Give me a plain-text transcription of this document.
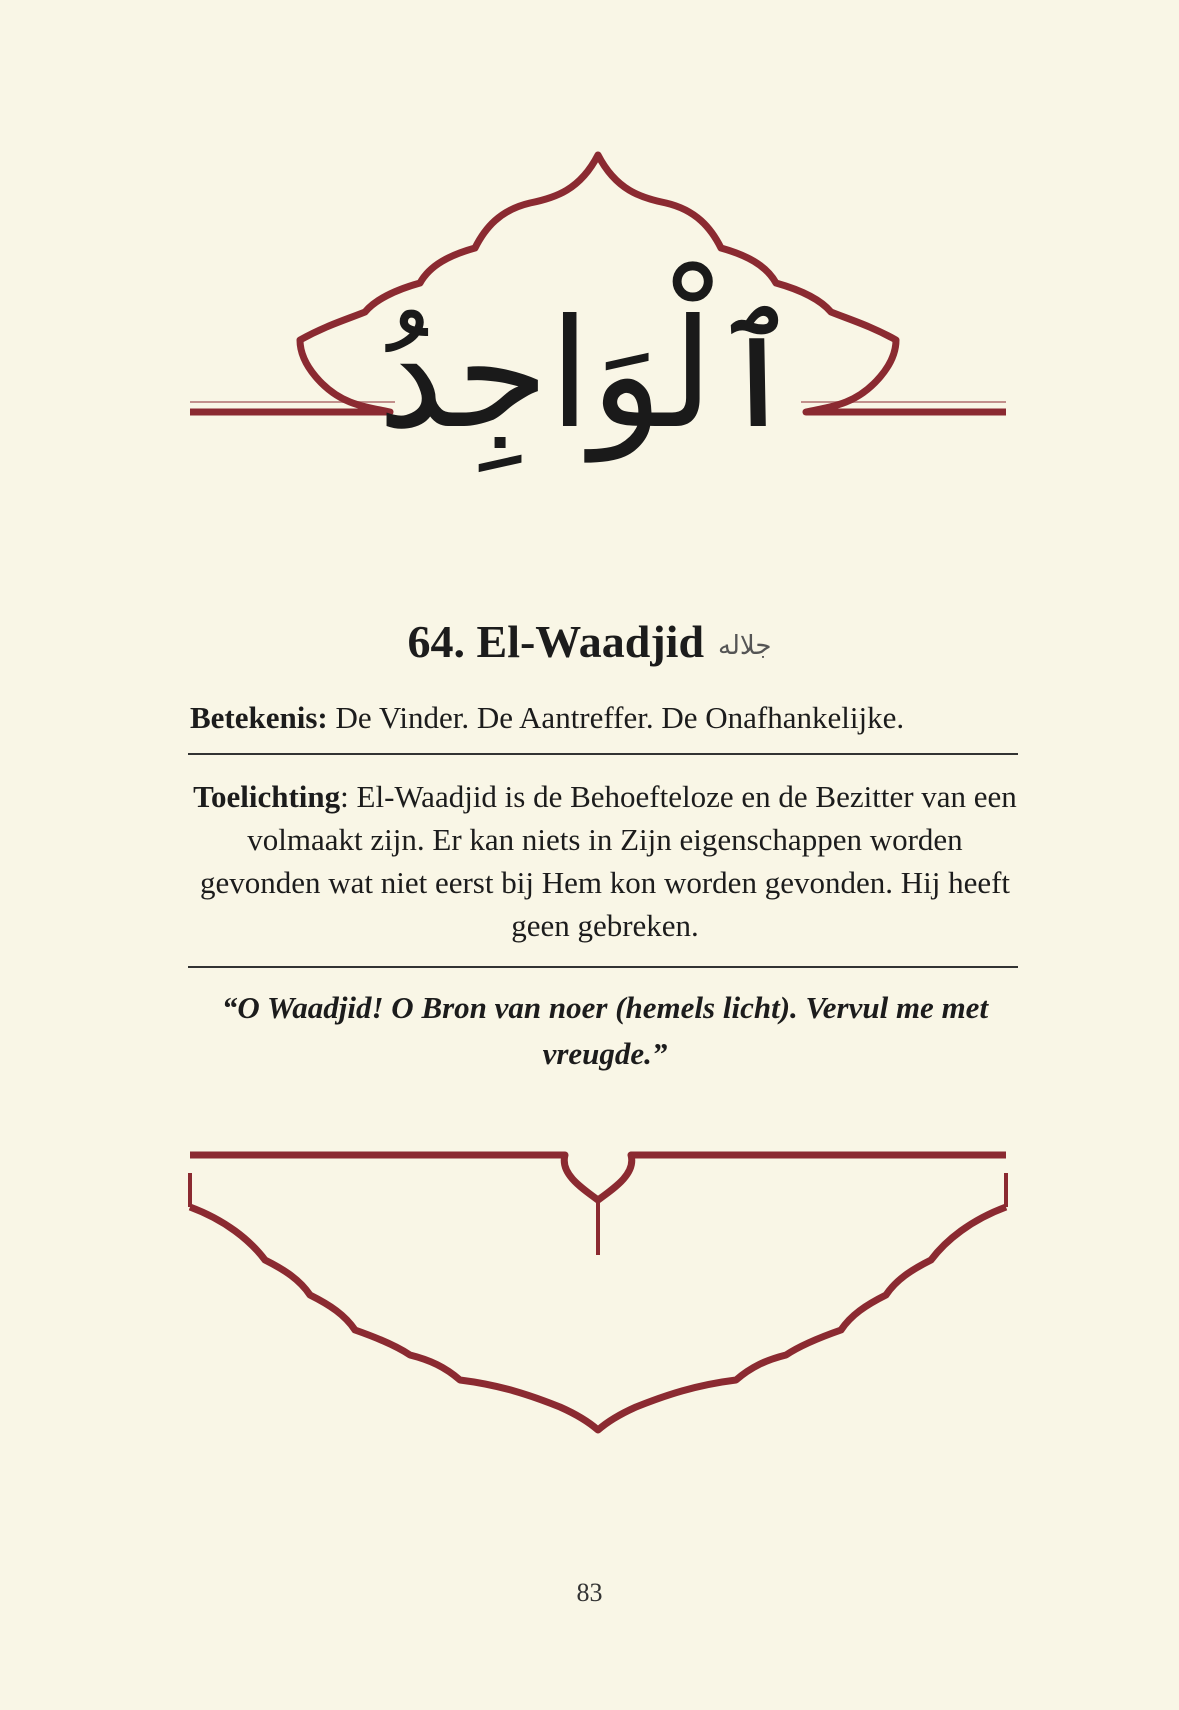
ٱلْوَاجِدُ
64. El-Waadjid جلاله
Betekenis: De Vinder. De Aantreffer. De Onafhankelijke.
Toelichting: El-Waadjid is de Behoefteloze en de Bezitter van een volmaakt zijn. Er kan niets in Zijn eigenschappen worden gevonden wat niet eerst bij Hem kon worden gevonden. Hij heeft geen gebreken.
“O Waadjid! O Bron van noer (hemels licht). Vervul me met vreugde.”
83
